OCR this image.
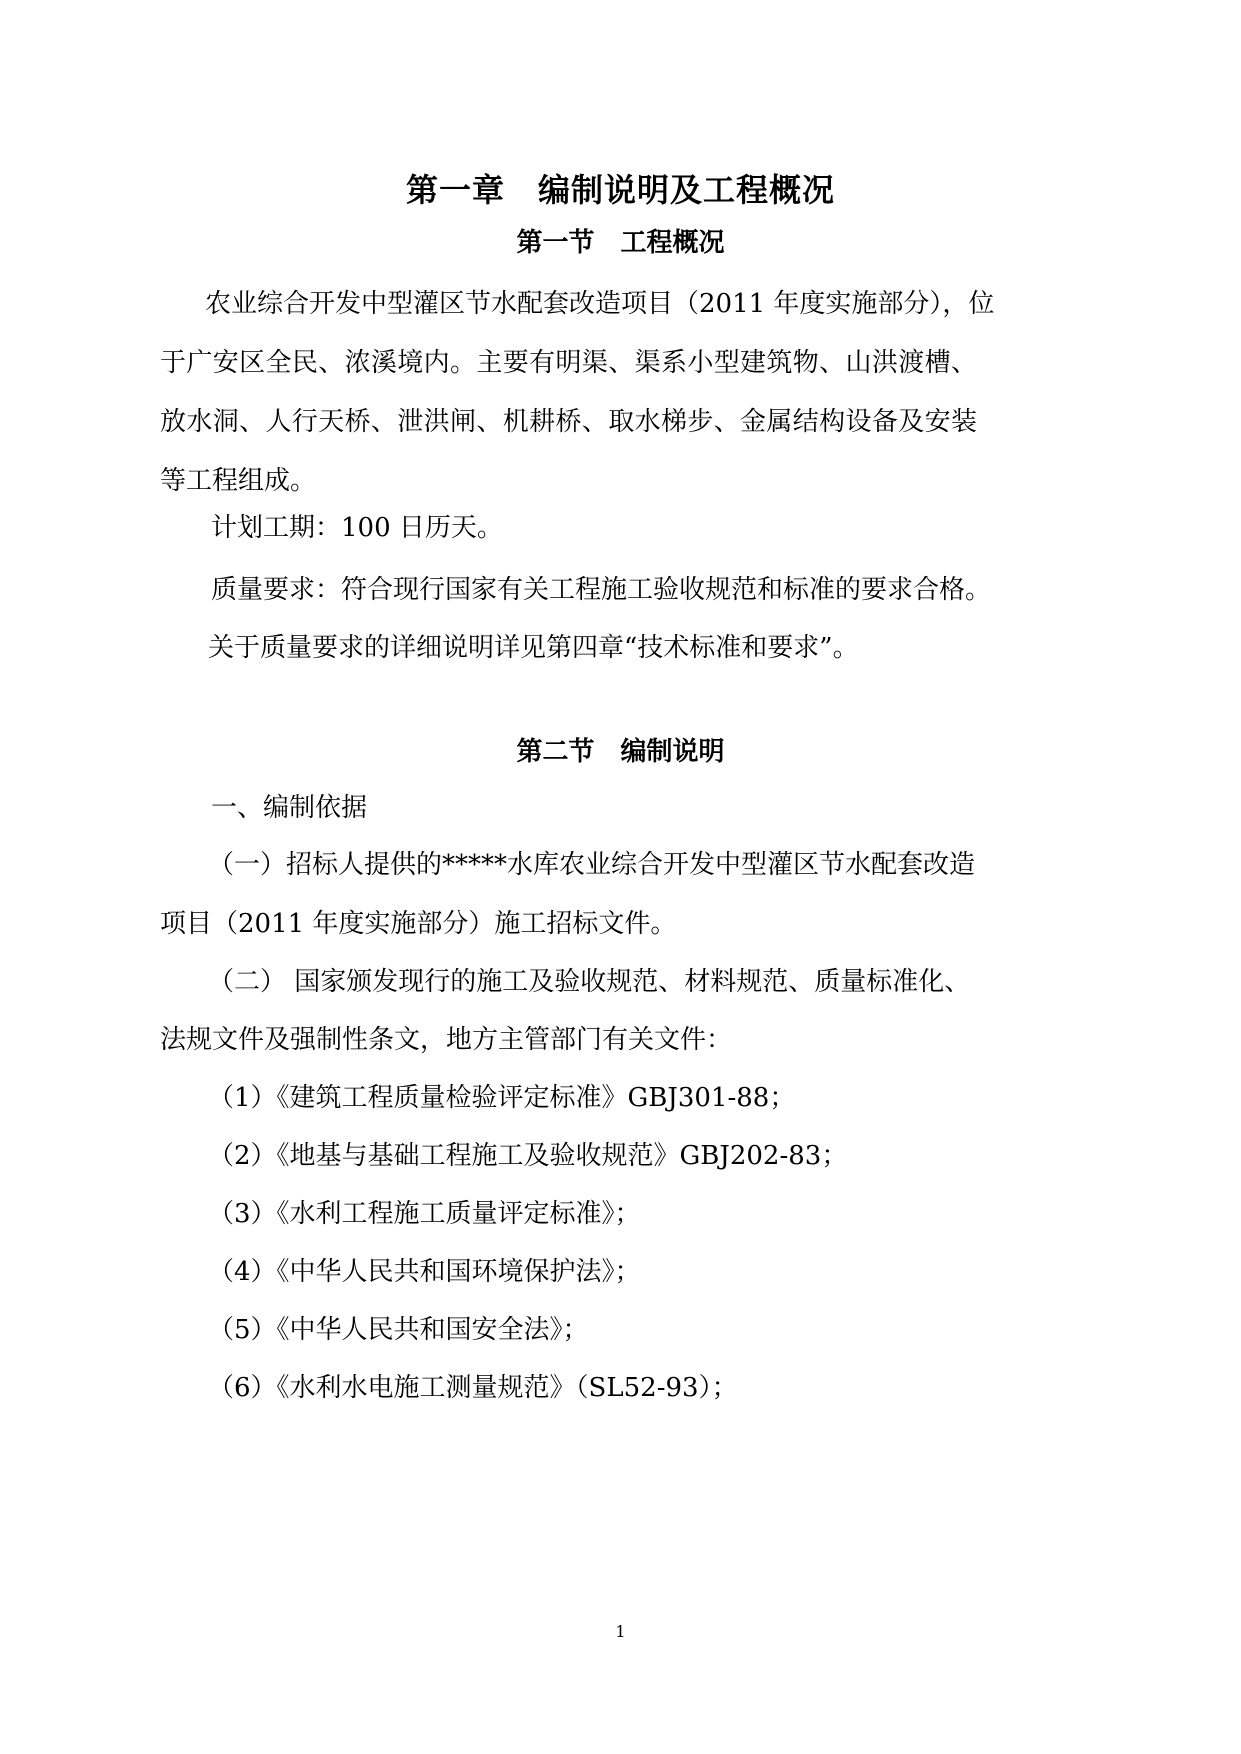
第一章　编制说明及工程概况
第一节　工程概况
农业综合开发中型灌区节水配套改造项目（2011 年度实施部分），位
于广安区全民、浓溪境内。主要有明渠、渠系小型建筑物、山洪渡槽、
放水洞、人行天桥、泄洪闸、机耕桥、取水梯步、金属结构设备及安装
等工程组成。
计划工期：100 日历天。
质量要求：符合现行国家有关工程施工验收规范和标准的要求合格。
关于质量要求的详细说明详见第四章“技术标准和要求”。
第二节　编制说明
一、编制依据
（一）招标人提供的*****水库农业综合开发中型灌区节水配套改造
项目（2011 年度实施部分）施工招标文件。
（二） 国家颁发现行的施工及验收规范、材料规范、质量标准化、
法规文件及强制性条文，地方主管部门有关文件：
（1）《建筑工程质量检验评定标准》GBJ301-88；
（2）《地基与基础工程施工及验收规范》GBJ202-83；
（3）《水利工程施工质量评定标准》；
（4）《中华人民共和国环境保护法》；
（5）《中华人民共和国安全法》；
（6）《水利水电施工测量规范》（SL52-93）；
1
